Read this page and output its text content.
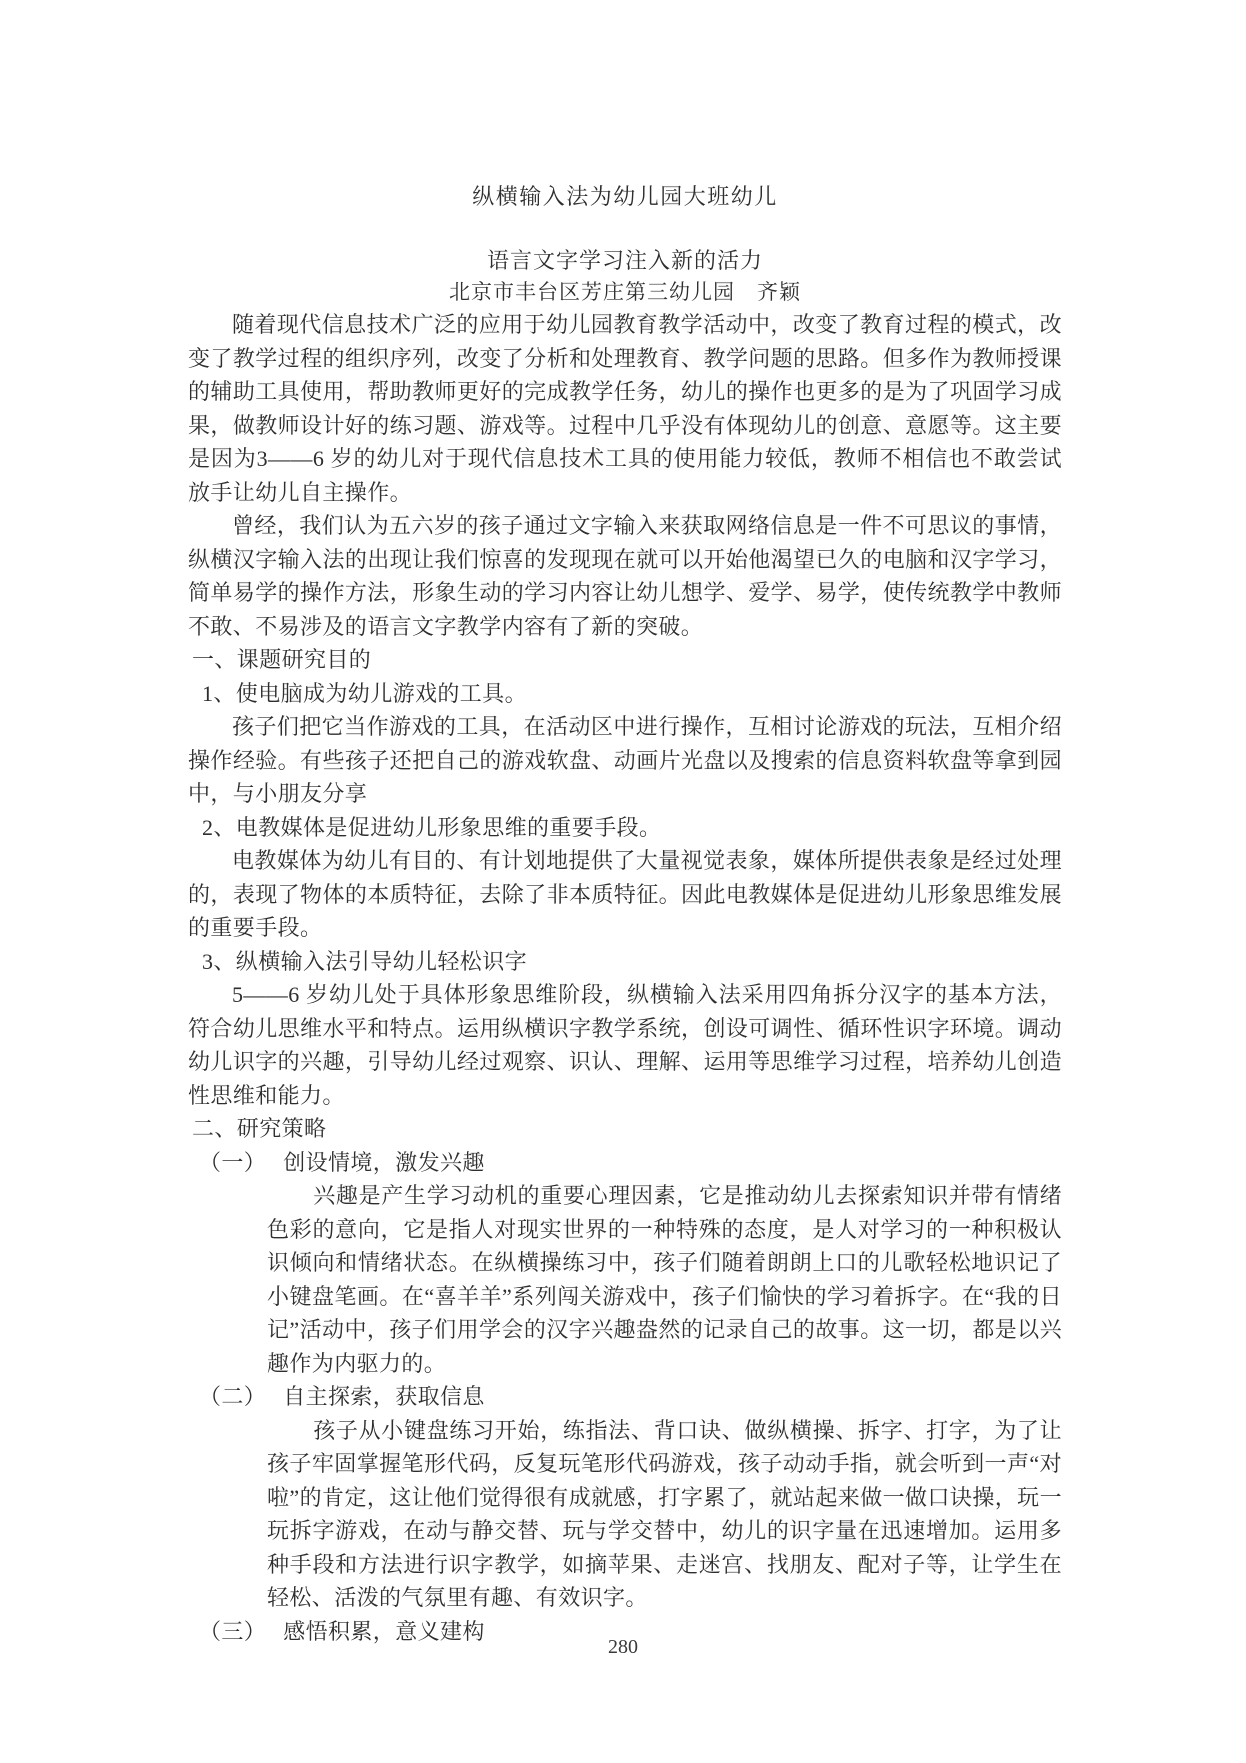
纵横输入法为幼儿园大班幼儿
语言文字学习注入新的活力
北京市丰台区芳庄第三幼儿园　齐颖

随着现代信息技术广泛的应用于幼儿园教育教学活动中，改变了教育过程的模式，改变了教学过程的组织序列，改变了分析和处理教育、教学问题的思路。但多作为教师授课的辅助工具使用，帮助教师更好的完成教学任务，幼儿的操作也更多的是为了巩固学习成果，做教师设计好的练习题、游戏等。过程中几乎没有体现幼儿的创意、意愿等。这主要是因为3——6 岁的幼儿对于现代信息技术工具的使用能力较低，教师不相信也不敢尝试放手让幼儿自主操作。

曾经，我们认为五六岁的孩子通过文字输入来获取网络信息是一件不可思议的事情，纵横汉字输入法的出现让我们惊喜的发现现在就可以开始他渴望已久的电脑和汉字学习，简单易学的操作方法，形象生动的学习内容让幼儿想学、爱学、易学，使传统教学中教师不敢、不易涉及的语言文字教学内容有了新的突破。

一、课题研究目的

1、使电脑成为幼儿游戏的工具。

孩子们把它当作游戏的工具，在活动区中进行操作，互相讨论游戏的玩法，互相介绍操作经验。有些孩子还把自己的游戏软盘、动画片光盘以及搜索的信息资料软盘等拿到园中，与小朋友分享

2、电教媒体是促进幼儿形象思维的重要手段。

电教媒体为幼儿有目的、有计划地提供了大量视觉表象，媒体所提供表象是经过处理的，表现了物体的本质特征，去除了非本质特征。因此电教媒体是促进幼儿形象思维发展的重要手段。

3、纵横输入法引导幼儿轻松识字

5——6 岁幼儿处于具体形象思维阶段，纵横输入法采用四角拆分汉字的基本方法，符合幼儿思维水平和特点。运用纵横识字教学系统，创设可调性、循环性识字环境。调动幼儿识字的兴趣，引导幼儿经过观察、识认、理解、运用等思维学习过程，培养幼儿创造性思维和能力。

二、研究策略

（一） 创设情境，激发兴趣

兴趣是产生学习动机的重要心理因素，它是推动幼儿去探索知识并带有情绪色彩的意向，它是指人对现实世界的一种特殊的态度，是人对学习的一种积极认识倾向和情绪状态。在纵横操练习中，孩子们随着朗朗上口的儿歌轻松地识记了小键盘笔画。在“喜羊羊”系列闯关游戏中，孩子们愉快的学习着拆字。在“我的日记”活动中，孩子们用学会的汉字兴趣盎然的记录自己的故事。这一切，都是以兴趣作为内驱力的。

（二） 自主探索，获取信息

孩子从小键盘练习开始，练指法、背口诀、做纵横操、拆字、打字，为了让孩子牢固掌握笔形代码，反复玩笔形代码游戏，孩子动动手指，就会听到一声“对啦”的肯定，这让他们觉得很有成就感，打字累了，就站起来做一做口诀操，玩一玩拆字游戏，在动与静交替、玩与学交替中，幼儿的识字量在迅速增加。运用多种手段和方法进行识字教学，如摘苹果、走迷宫、找朋友、配对子等，让学生在轻松、活泼的气氛里有趣、有效识字。

（三） 感悟积累，意义建构

280
